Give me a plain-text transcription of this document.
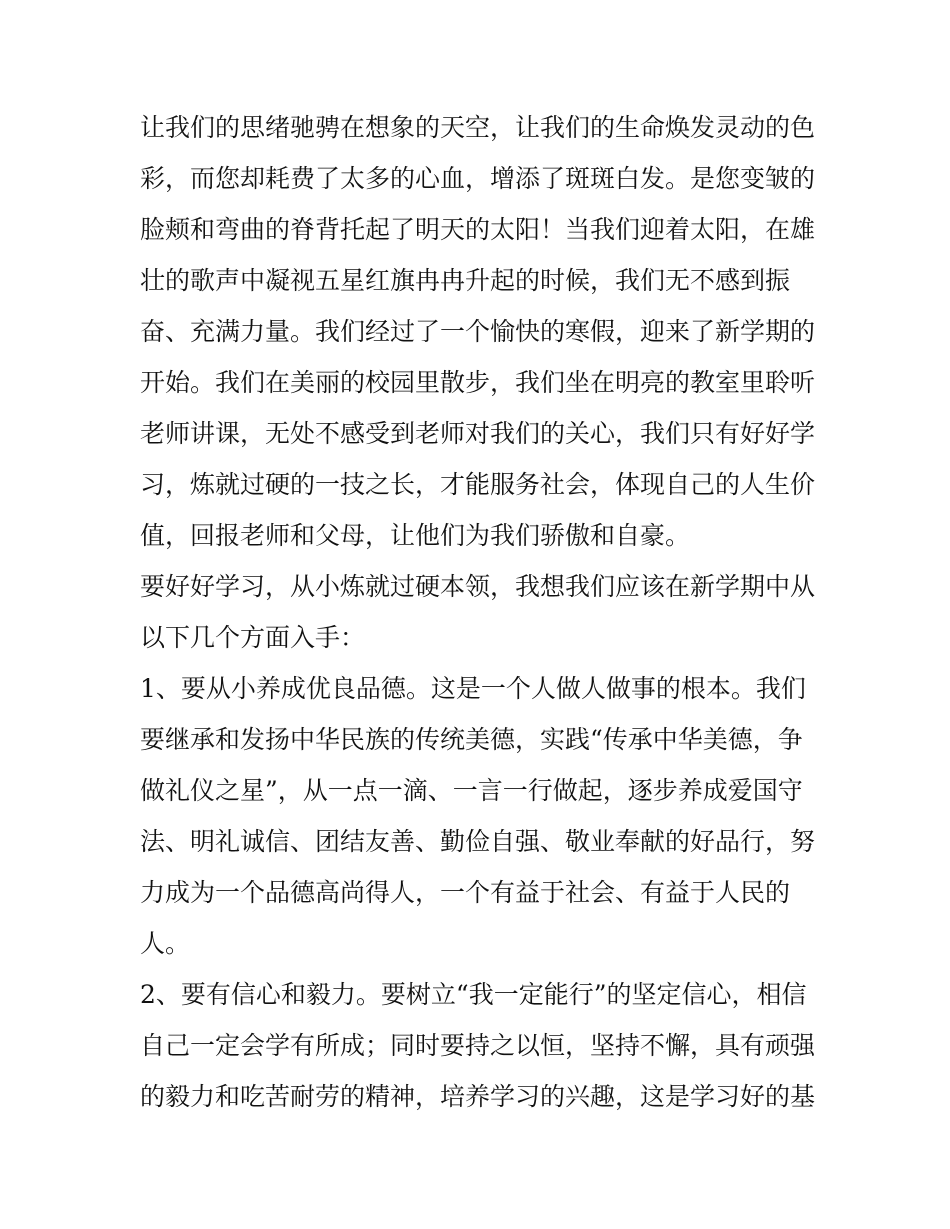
让我们的思绪驰骋在想象的天空，让我们的生命焕发灵动的色
彩，而您却耗费了太多的心血，增添了斑斑白发。是您变皱的
脸颊和弯曲的脊背托起了明天的太阳！当我们迎着太阳，在雄
壮的歌声中凝视五星红旗冉冉升起的时候，我们无不感到振
奋、充满力量。我们经过了一个愉快的寒假，迎来了新学期的
开始。我们在美丽的校园里散步，我们坐在明亮的教室里聆听
老师讲课，无处不感受到老师对我们的关心，我们只有好好学
习，炼就过硬的一技之长，才能服务社会，体现自己的人生价
值，回报老师和父母，让他们为我们骄傲和自豪。
要好好学习，从小炼就过硬本领，我想我们应该在新学期中从
以下几个方面入手：
1、要从小养成优良品德。这是一个人做人做事的根本。我们
要继承和发扬中华民族的传统美德，实践“传承中华美德，争
做礼仪之星”，从一点一滴、一言一行做起，逐步养成爱国守
法、明礼诚信、团结友善、勤俭自强、敬业奉献的好品行，努
力成为一个品德高尚得人，一个有益于社会、有益于人民的
人。
2、要有信心和毅力。要树立“我一定能行”的坚定信心，相信
自己一定会学有所成；同时要持之以恒，坚持不懈，具有顽强
的毅力和吃苦耐劳的精神，培养学习的兴趣，这是学习好的基
